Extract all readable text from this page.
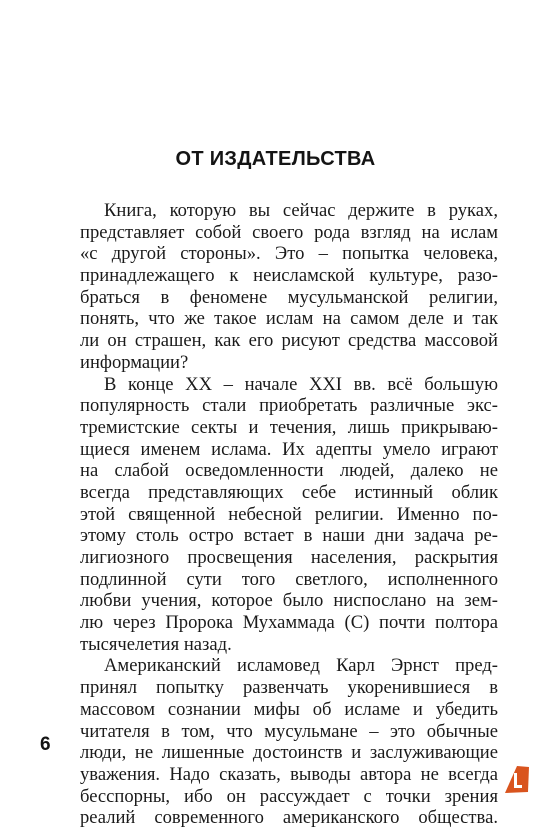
ОТ ИЗДАТЕЛЬСТВА
Книга, которую вы сейчас держите в руках,
представляет собой своего рода взгляд на ислам
«с другой стороны». Это – попытка человека,
принадлежащего к неисламской культуре, разо-
браться в феномене мусульманской религии,
понять, что же такое ислам на самом деле и так
ли он страшен, как его рисуют средства массовой
информации?
В конце XX – начале XXI вв. всё большую
популярность стали приобретать различные экс-
тремистские секты и течения, лишь прикрываю-
щиеся именем ислама. Их адепты умело играют
на слабой осведомленности людей, далеко не
всегда представляющих себе истинный облик
этой священной небесной религии. Именно по-
этому столь остро встает в наши дни задача ре-
лигиозного просвещения населения, раскрытия
подлинной сути того светлого, исполненного
любви учения, которое было ниспослано на зем-
лю через Пророка Мухаммада (С) почти полтора
тысячелетия назад.
Американский исламовед Карл Эрнст пред-
принял попытку развенчать укоренившиеся в
массовом сознании мифы об исламе и убедить
читателя в том, что мусульмане – это обычные
люди, не лишенные достоинств и заслуживающие
уважения. Надо сказать, выводы автора не всегда
бесспорны, ибо он рассуждает с точки зрения
реалий современного американского общества.
6
